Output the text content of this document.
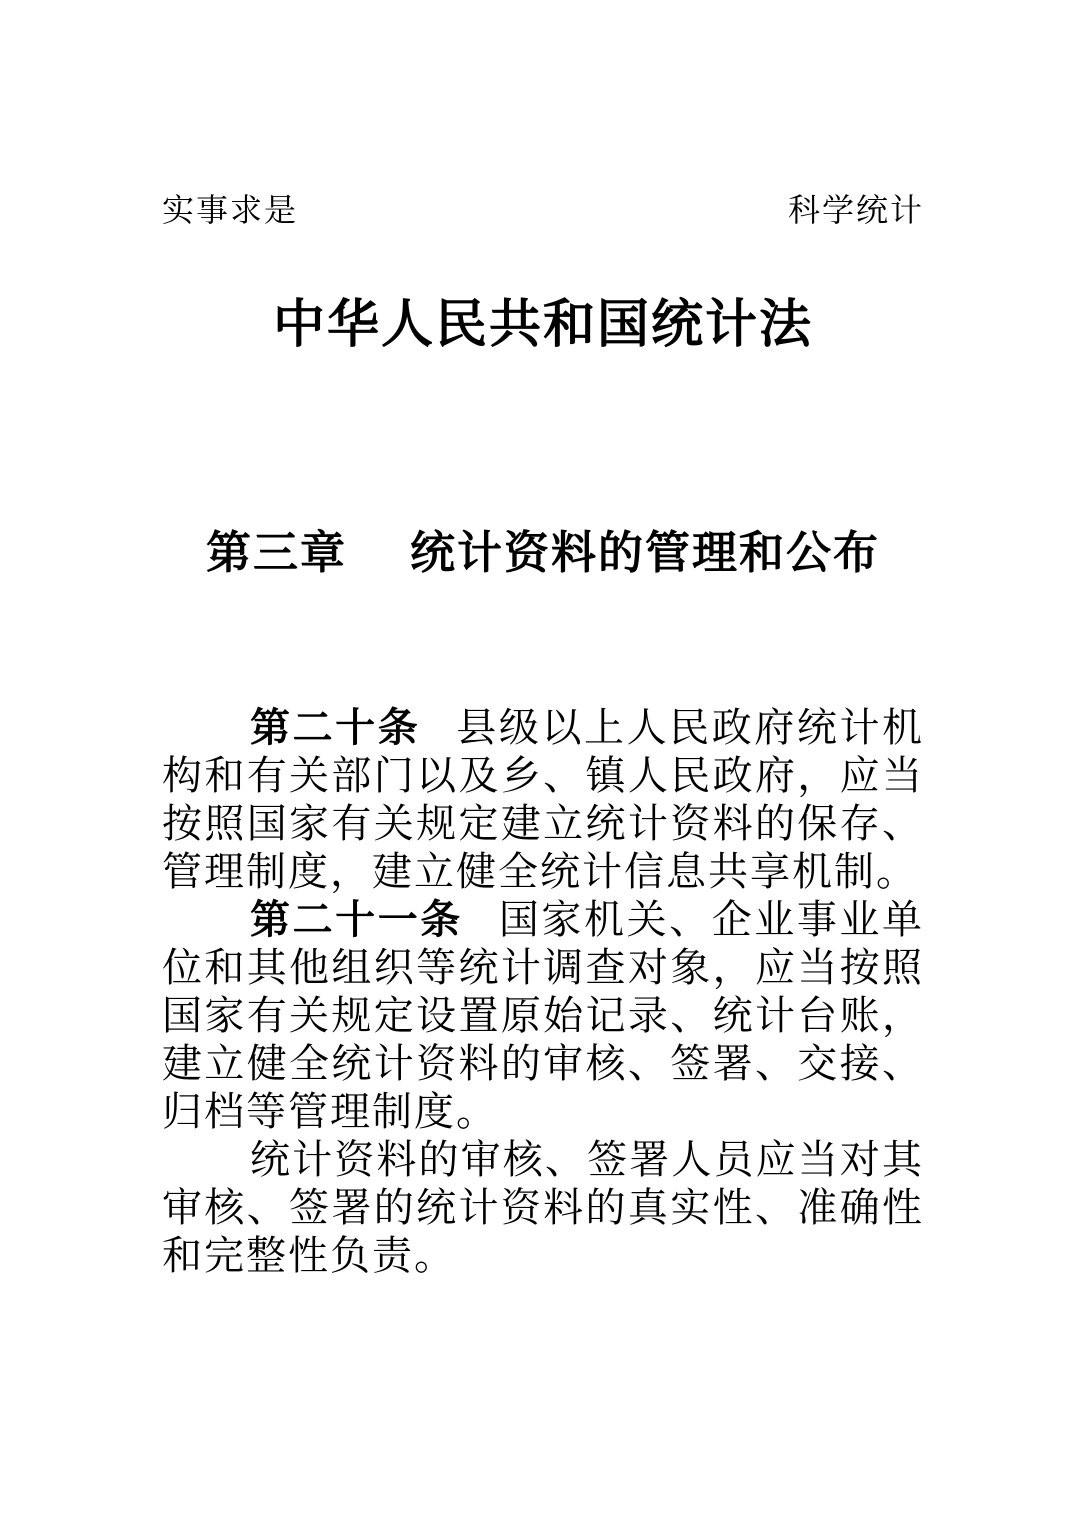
实事求是	科学统计
中华人民共和国统计法
第三章 统计资料的管理和公布

第二十条 县级以上人民政府统计机构和有关部门以及乡、镇人民政府，应当按照国家有关规定建立统计资料的保存、管理制度，建立健全统计信息共享机制。

第二十一条 国家机关、企业事业单位和其他组织等统计调查对象，应当按照国家有关规定设置原始记录、统计台账，建立健全统计资料的审核、签署、交接、归档等管理制度。

统计资料的审核、签署人员应当对其审核、签署的统计资料的真实性、准确性和完整性负责。
